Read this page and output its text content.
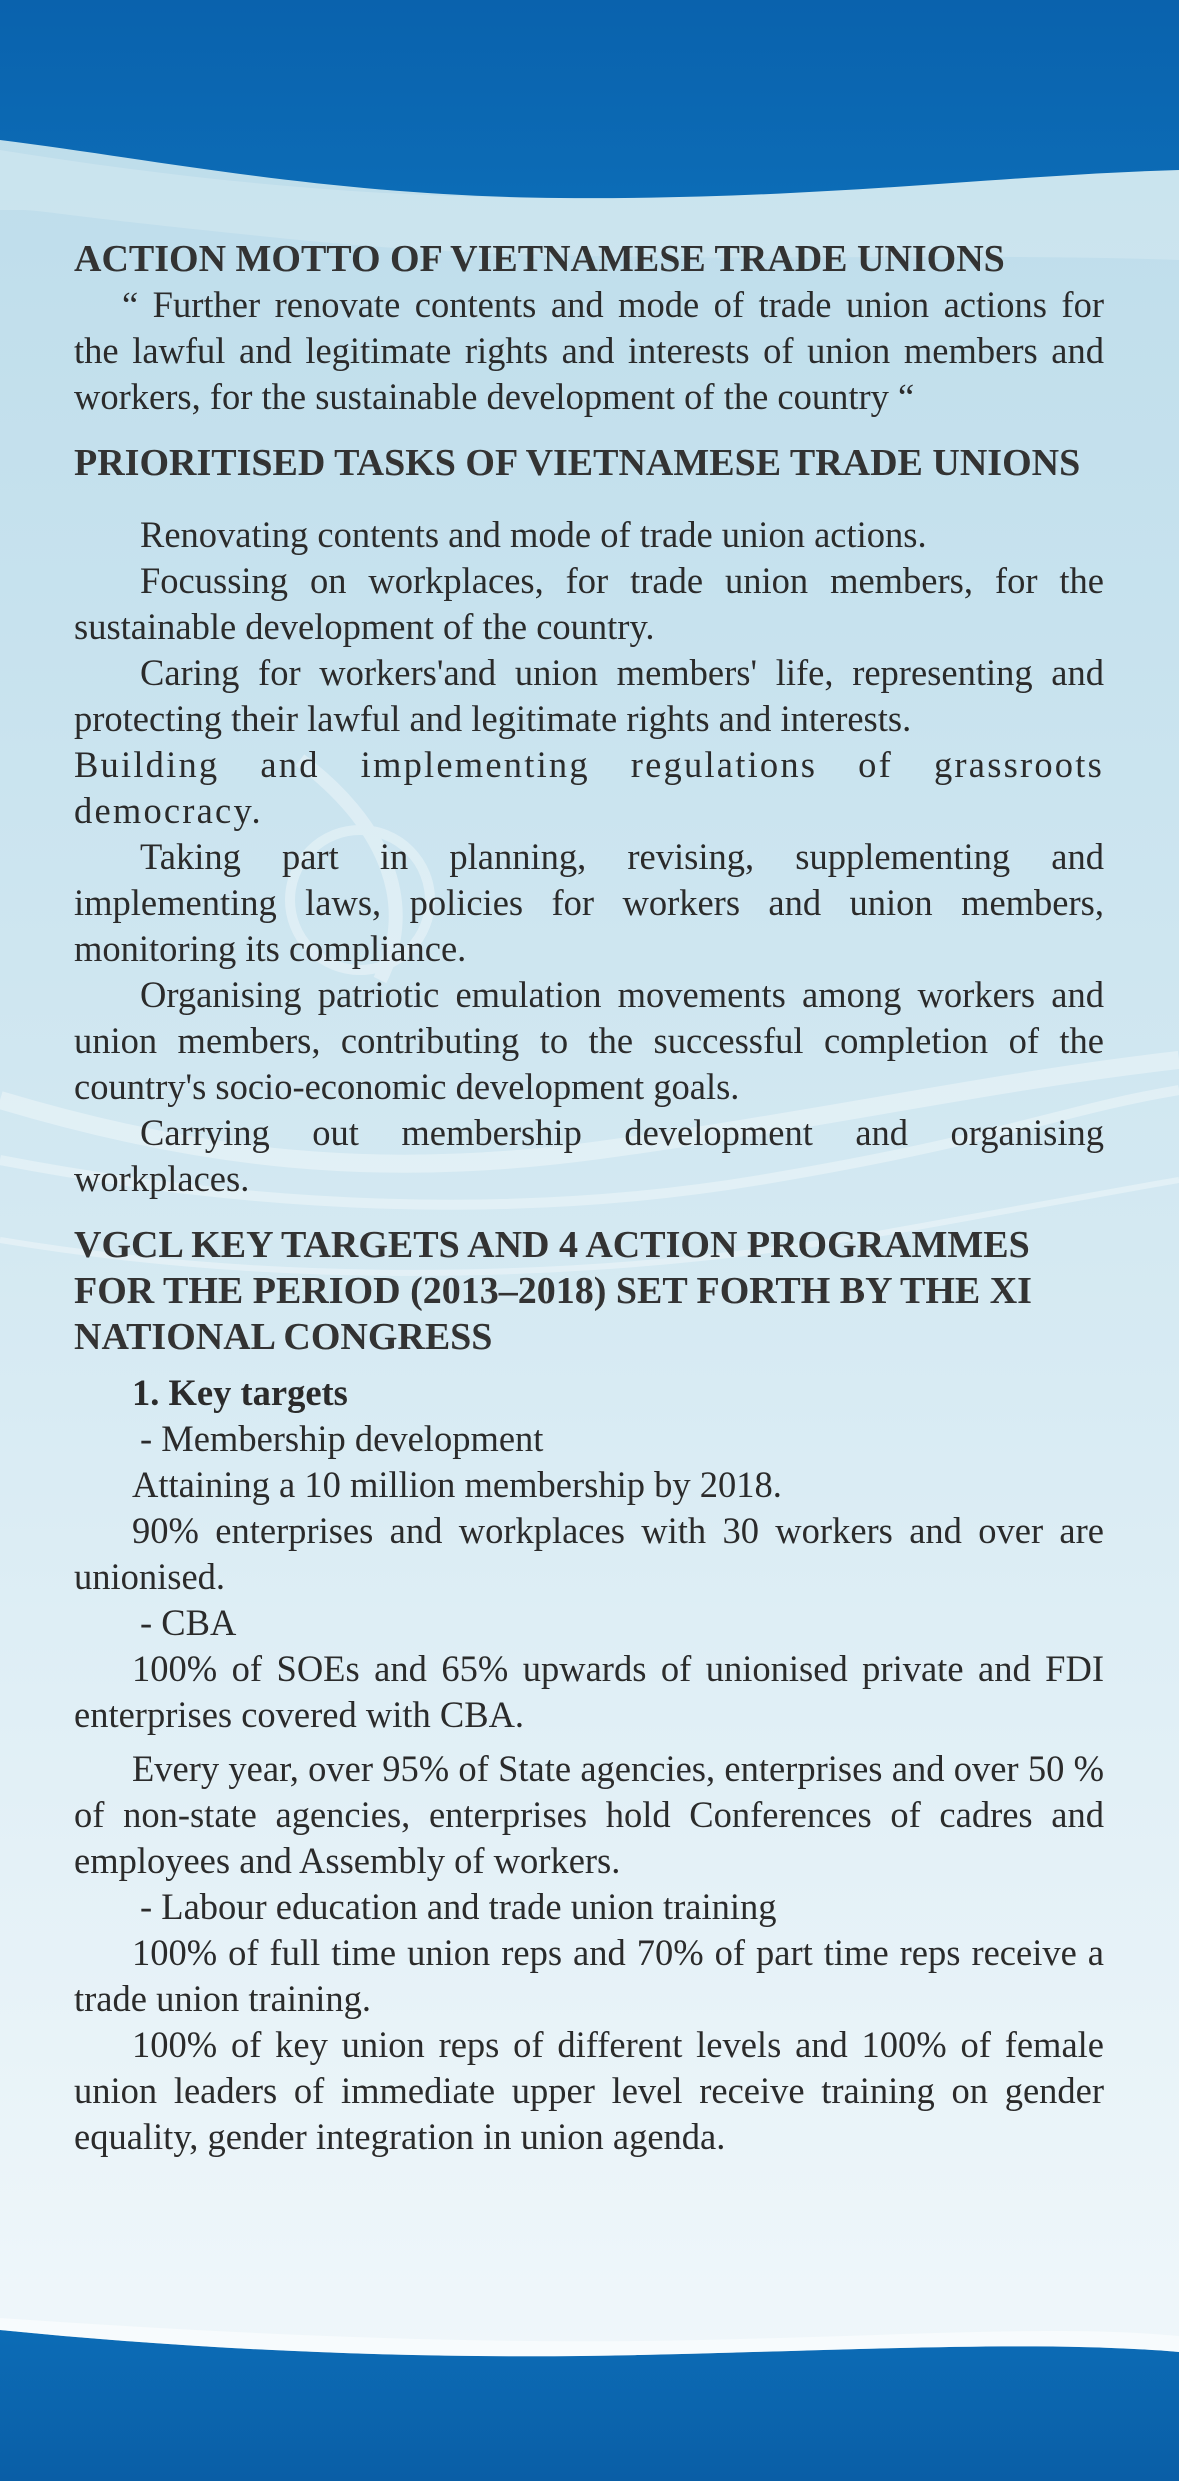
ACTION MOTTO OF VIETNAMESE TRADE UNIONS

“ Further renovate contents and mode of trade union actions for the lawful and legitimate rights and interests of union members and workers, for the sustainable development of the country “

PRIORITISED TASKS OF VIETNAMESE TRADE UNIONS

Renovating contents and mode of trade union actions.

Focussing on workplaces, for trade union members, for the sustainable development of the country.

Caring for workers'and union members' life, representing and protecting their lawful and legitimate rights and interests.

Building and implementing regulations of grassroots democracy.

Taking part in planning, revising, supplementing and implementing laws, policies for workers and union members, monitoring its compliance.

Organising patriotic emulation movements among workers and union members, contributing to the successful completion of the country's socio-economic development goals.

Carrying out membership development and organising workplaces.

VGCL KEY TARGETS AND 4 ACTION PROGRAMMES FOR THE PERIOD (2013–2018) SET FORTH BY THE XI NATIONAL CONGRESS

1. Key targets

- Membership development

Attaining a 10 million membership by 2018.

90% enterprises and workplaces with 30 workers and over are unionised.

- CBA

100% of SOEs and 65% upwards of unionised private and FDI enterprises covered with CBA.

Every year, over 95% of State agencies, enterprises and over 50 % of non-state agencies, enterprises hold Conferences of cadres and employees and Assembly of workers.

- Labour education and trade union training

100% of full time union reps and 70% of part time reps receive a trade union training.

100% of key union reps of different levels and 100% of female union leaders of immediate upper level receive training on gender equality, gender integration in union agenda.
